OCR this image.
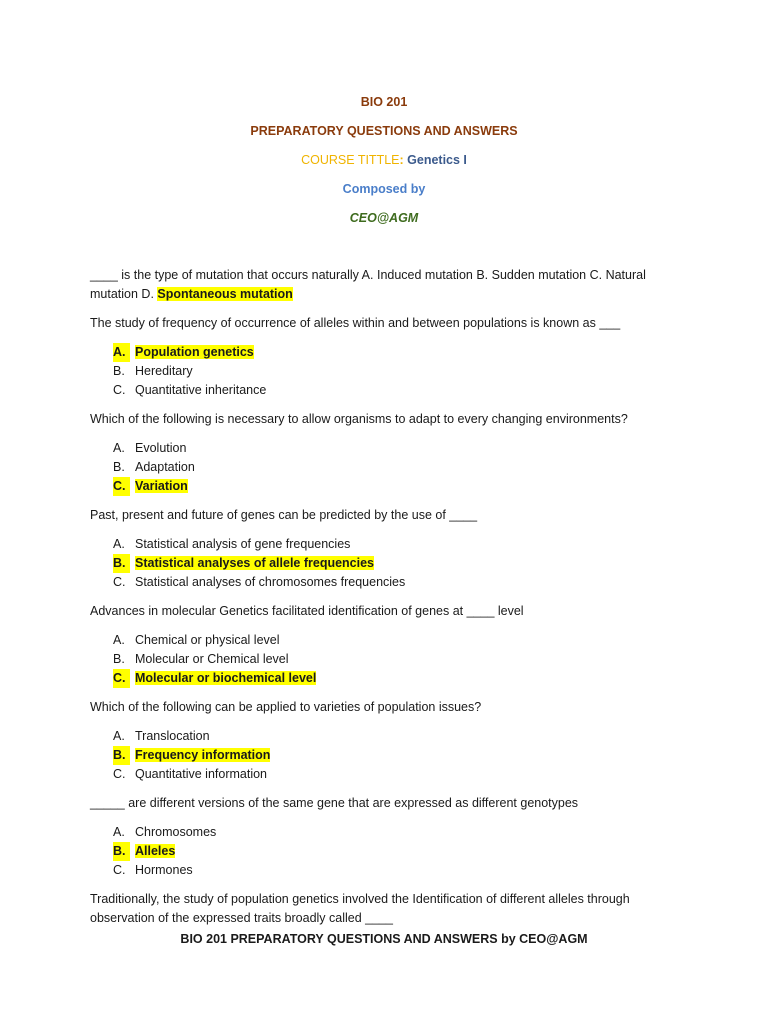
BIO 201
PREPARATORY QUESTIONS AND ANSWERS
COURSE TITTLE: Genetics I
Composed by
CEO@AGM

____ is the type of mutation that occurs naturally A. Induced mutation B. Sudden mutation C. Natural mutation D. Spontaneous mutation

The study of frequency of occurrence of alleles within and between populations is known as ___

A. Population genetics
B. Hereditary
C. Quantitative inheritance

Which of the following is necessary to allow organisms to adapt to every changing environments?

A. Evolution
B. Adaptation
C. Variation

Past, present and future of genes can be predicted by the use of ____

A. Statistical analysis of gene frequencies
B. Statistical analyses of allele frequencies
C. Statistical analyses of chromosomes frequencies

Advances in molecular Genetics facilitated identification of genes at ____ level

A. Chemical or physical level
B. Molecular or Chemical level
C. Molecular or biochemical level

Which of the following can be applied to varieties of population issues?

A. Translocation
B. Frequency information
C. Quantitative information

_____ are different versions of the same gene that are expressed as different genotypes

A. Chromosomes
B. Alleles
C. Hormones

Traditionally, the study of population genetics involved the Identification of different alleles through observation of the expressed traits broadly called ____

BIO 201 PREPARATORY QUESTIONS AND ANSWERS by CEO@AGM
